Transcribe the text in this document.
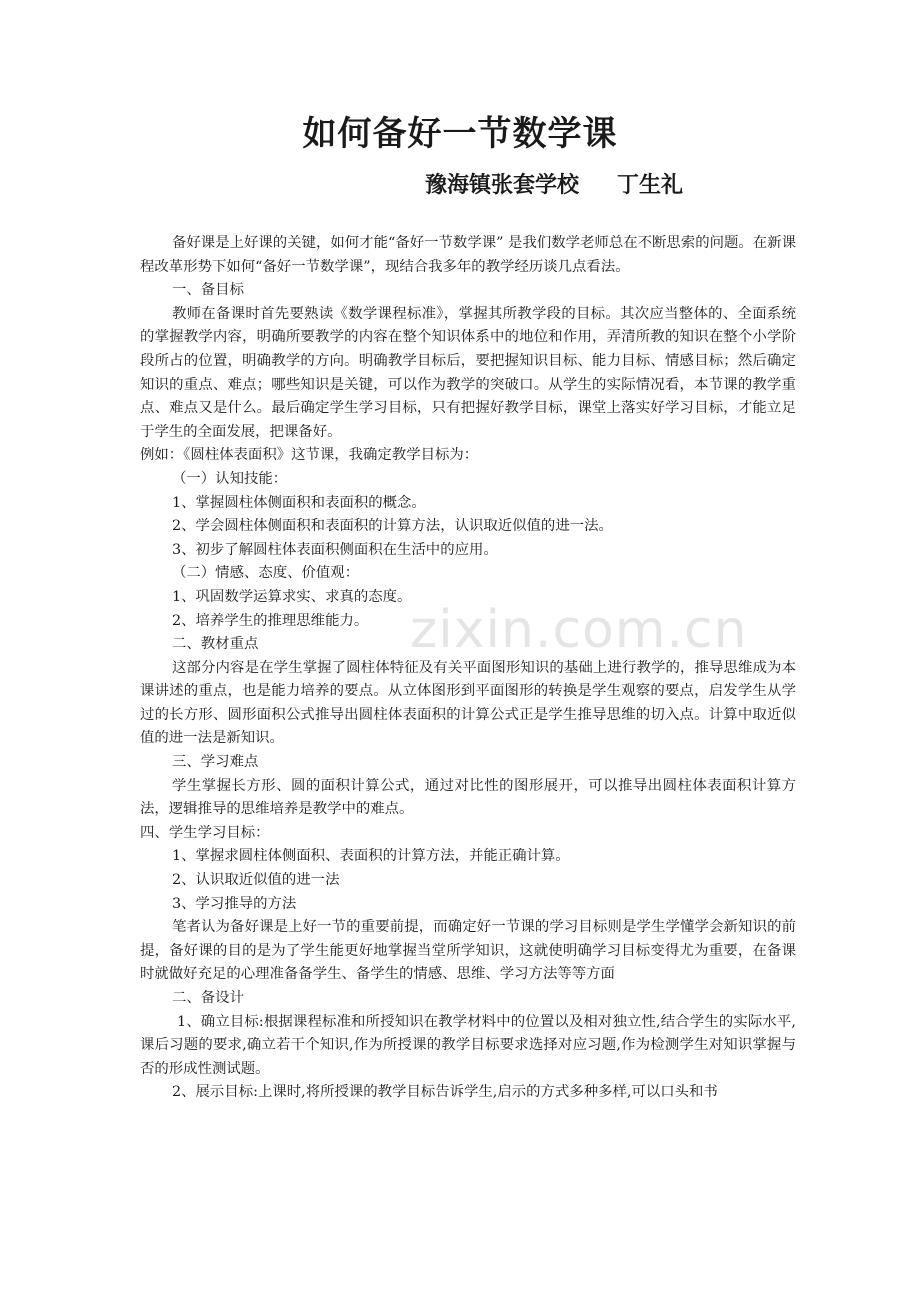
如何备好一节数学课
豫海镇张套学校 丁生礼
zixin.com.cn

备好课是上好课的关键，如何才能“备好一节数学课” 是我们数学老师总在不断思索的问题。在新课程改革形势下如何“备好一节数学课”，现结合我多年的教学经历谈几点看法。

一、备目标

教师在备课时首先要熟读《数学课程标准》，掌握其所教学段的目标。其次应当整体的、全面系统的掌握教学内容，明确所要教学的内容在整个知识体系中的地位和作用，弄清所教的知识在整个小学阶段所占的位置，明确教学的方向。明确教学目标后，要把握知识目标、能力目标、情感目标；然后确定知识的重点、难点；哪些知识是关键，可以作为教学的突破口。从学生的实际情况看，本节课的教学重点、难点又是什么。最后确定学生学习目标，只有把握好教学目标，课堂上落实好学习目标，才能立足于学生的全面发展，把课备好。

例如：《圆柱体表面积》这节课，我确定教学目标为：

（一）认知技能：

1、掌握圆柱体侧面积和表面积的概念。

2、学会圆柱体侧面积和表面积的计算方法，认识取近似值的进一法。

3、初步了解圆柱体表面积侧面积在生活中的应用。

（二）情感、态度、价值观：

1、巩固数学运算求实、求真的态度。

2、培养学生的推理思维能力。

二、教材重点

这部分内容是在学生掌握了圆柱体特征及有关平面图形知识的基础上进行教学的，推导思维成为本课讲述的重点，也是能力培养的要点。从立体图形到平面图形的转换是学生观察的要点，启发学生从学过的长方形、圆形面积公式推导出圆柱体表面积的计算公式正是学生推导思维的切入点。计算中取近似值的进一法是新知识。

三、学习难点

学生掌握长方形、圆的面积计算公式，通过对比性的图形展开，可以推导出圆柱体表面积计算方法，逻辑推导的思维培养是教学中的难点。

四、学生学习目标：

1、掌握求圆柱体侧面积、表面积的计算方法，并能正确计算。

2、认识取近似值的进一法

3、学习推导的方法

笔者认为备好课是上好一节的重要前提，而确定好一节课的学习目标则是学生学懂学会新知识的前提，备好课的目的是为了学生能更好地掌握当堂所学知识，这就使明确学习目标变得尤为重要，在备课时就做好充足的心理准备备学生、备学生的情感、思维、学习方法等等方面

二、备设计

1、确立目标:根据课程标准和所授知识在教学材料中的位置以及相对独立性,结合学生的实际水平,课后习题的要求,确立若干个知识,作为所授课的教学目标要求选择对应习题,作为检测学生对知识掌握与否的形成性测试题。

2、展示目标:上课时,将所授课的教学目标告诉学生,启示的方式多种多样,可以口头和书
